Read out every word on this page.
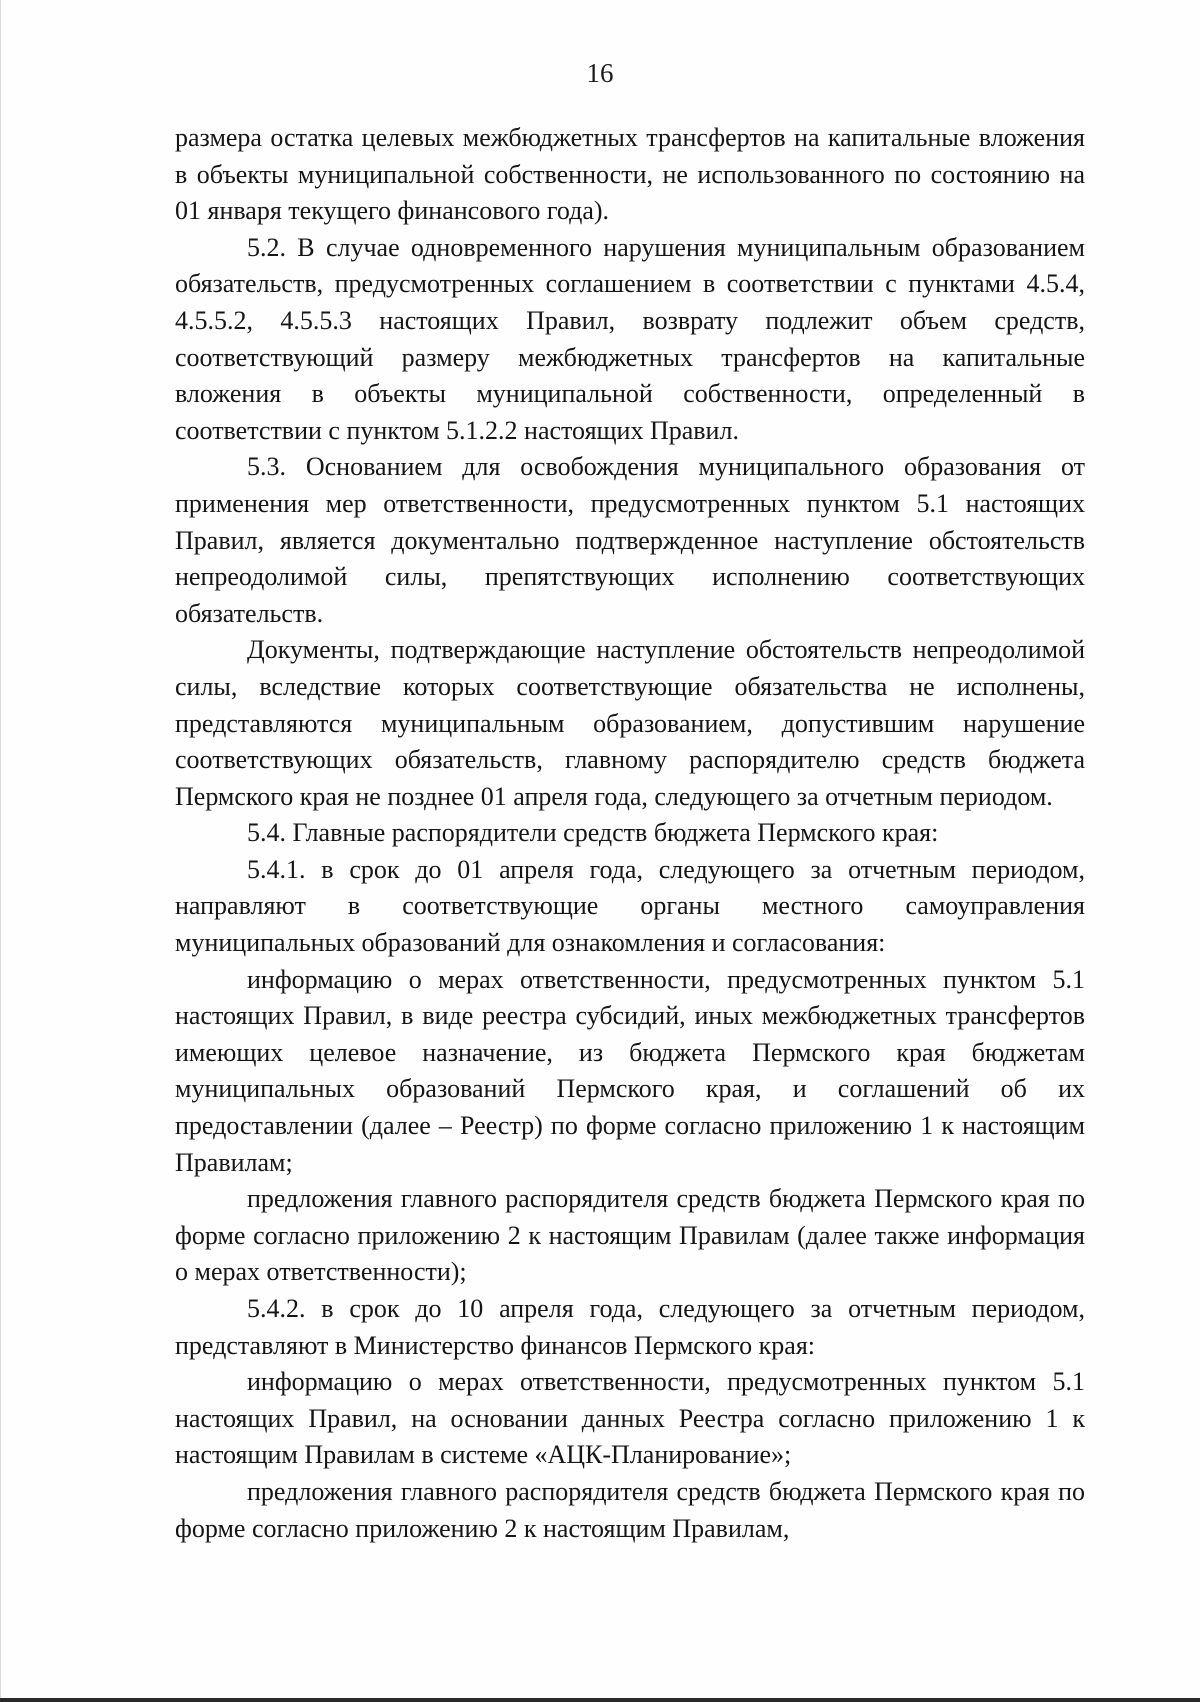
16

размера остатка целевых межбюджетных трансфертов на капитальные вложения в объекты муниципальной собственности, не использованного по состоянию на 01 января текущего финансового года).

5.2. В случае одновременного нарушения муниципальным образованием обязательств, предусмотренных соглашением в соответствии с пунктами 4.5.4, 4.5.5.2, 4.5.5.3 настоящих Правил, возврату подлежит объем средств, соответствующий размеру межбюджетных трансфертов на капитальные вложения в объекты муниципальной собственности, определенный в соответствии с пунктом 5.1.2.2 настоящих Правил.

5.3. Основанием для освобождения муниципального образования от применения мер ответственности, предусмотренных пунктом 5.1 настоящих Правил, является документально подтвержденное наступление обстоятельств непреодолимой силы, препятствующих исполнению соответствующих обязательств.

Документы, подтверждающие наступление обстоятельств непреодолимой силы, вследствие которых соответствующие обязательства не исполнены, представляются муниципальным образованием, допустившим нарушение соответствующих обязательств, главному распорядителю средств бюджета Пермского края не позднее 01 апреля года, следующего за отчетным периодом.

5.4. Главные распорядители средств бюджета Пермского края:

5.4.1. в срок до 01 апреля года, следующего за отчетным периодом, направляют в соответствующие органы местного самоуправления муниципальных образований для ознакомления и согласования:

информацию о мерах ответственности, предусмотренных пунктом 5.1 настоящих Правил, в виде реестра субсидий, иных межбюджетных трансфертов имеющих целевое назначение, из бюджета Пермского края бюджетам муниципальных образований Пермского края, и соглашений об их предоставлении (далее – Реестр) по форме согласно приложению 1 к настоящим Правилам;

предложения главного распорядителя средств бюджета Пермского края по форме согласно приложению 2 к настоящим Правилам (далее также информация о мерах ответственности);

5.4.2. в срок до 10 апреля года, следующего за отчетным периодом, представляют в Министерство финансов Пермского края:

информацию о мерах ответственности, предусмотренных пунктом 5.1 настоящих Правил, на основании данных Реестра согласно приложению 1 к настоящим Правилам в системе «АЦК-Планирование»;

предложения главного распорядителя средств бюджета Пермского края по форме согласно приложению 2 к настоящим Правилам,
